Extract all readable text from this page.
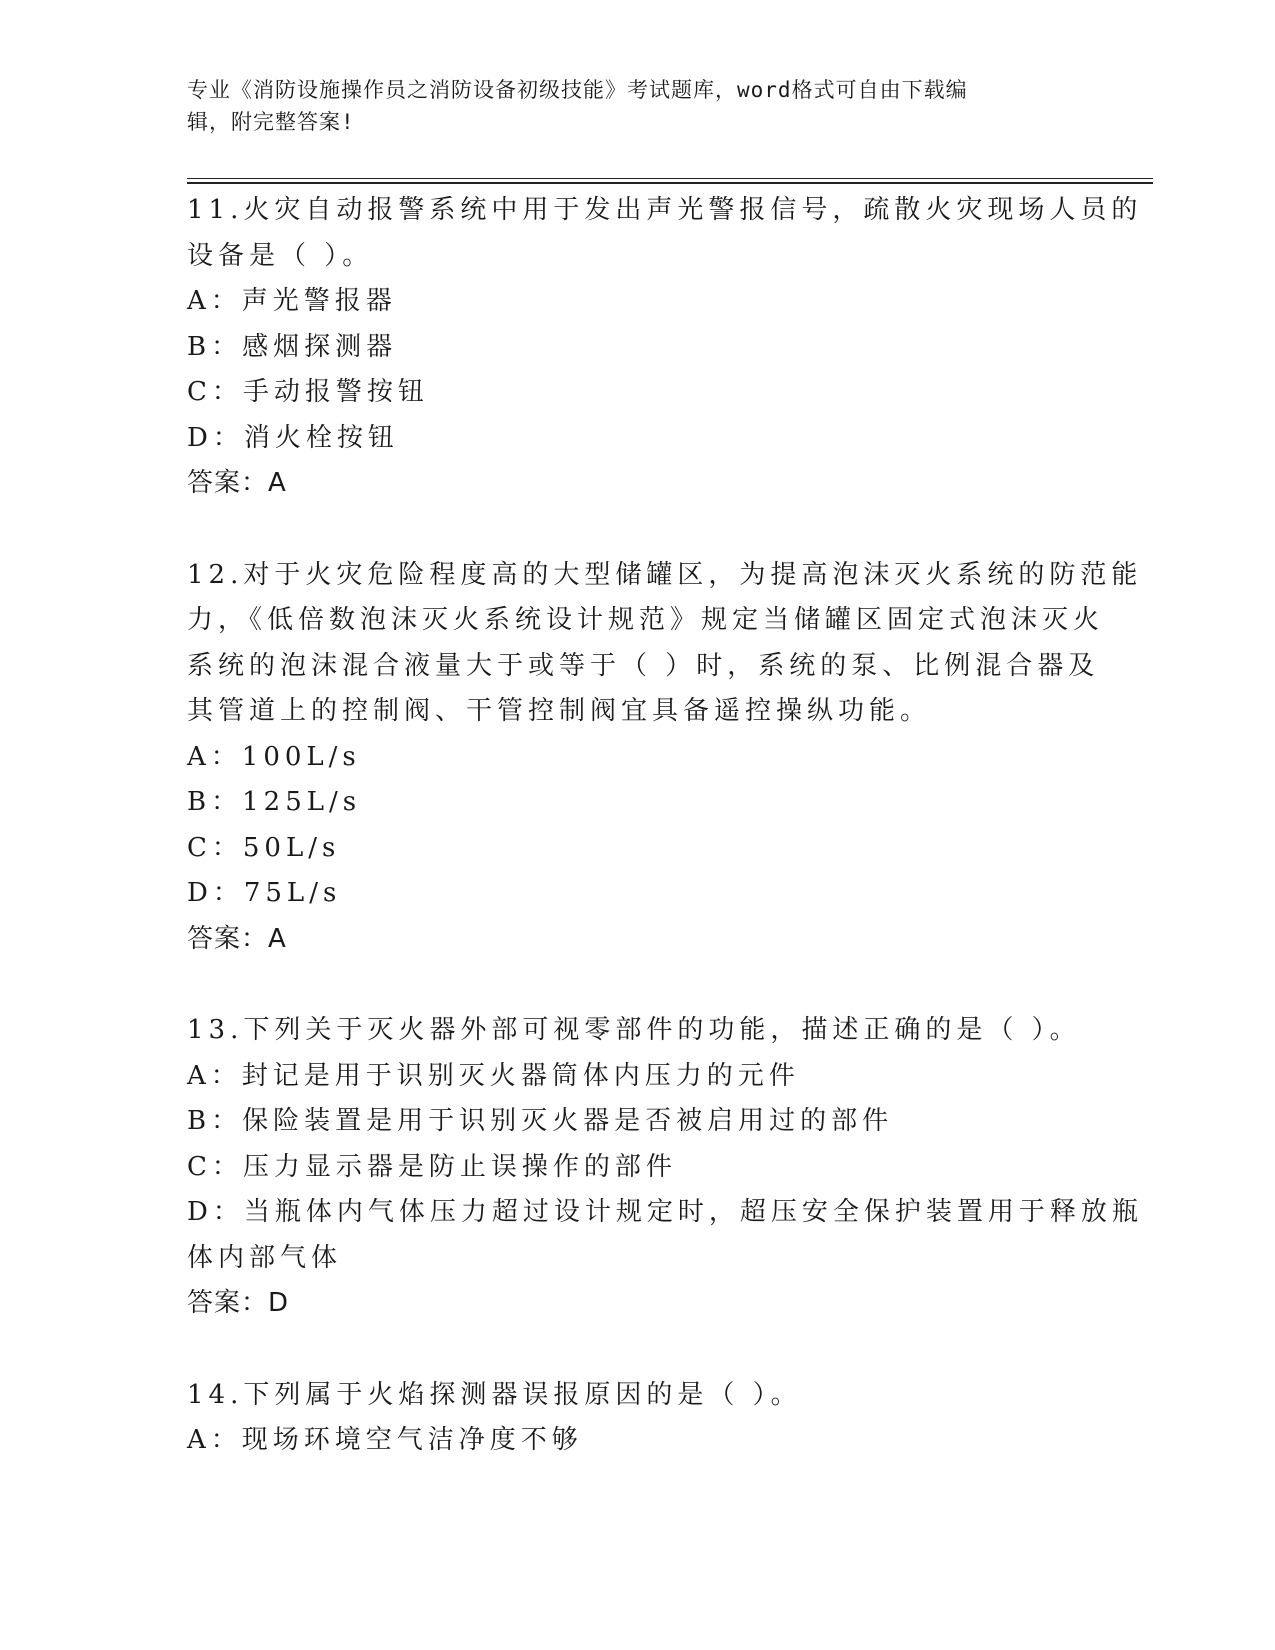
专业《消防设施操作员之消防设备初级技能》考试题库，word格式可自由下载编
辑，附完整答案!
11.火灾自动报警系统中用于发出声光警报信号，疏散火灾现场人员的
设备是（ ）。
A：声光警报器
B：感烟探测器
C：手动报警按钮
D：消火栓按钮
答案：A
12.对于火灾危险程度高的大型储罐区，为提高泡沫灭火系统的防范能
力，《低倍数泡沫灭火系统设计规范》规定当储罐区固定式泡沫灭火
系统的泡沫混合液量大于或等于（ ）时，系统的泵、比例混合器及
其管道上的控制阀、干管控制阀宜具备遥控操纵功能。
A：100L/s
B：125L/s
C：50L/s
D：75L/s
答案：A
13.下列关于灭火器外部可视零部件的功能，描述正确的是（ ）。
A：封记是用于识别灭火器筒体内压力的元件
B：保险装置是用于识别灭火器是否被启用过的部件
C：压力显示器是防止误操作的部件
D：当瓶体内气体压力超过设计规定时，超压安全保护装置用于释放瓶
体内部气体
答案：D
14.下列属于火焰探测器误报原因的是（ ）。
A：现场环境空气洁净度不够
